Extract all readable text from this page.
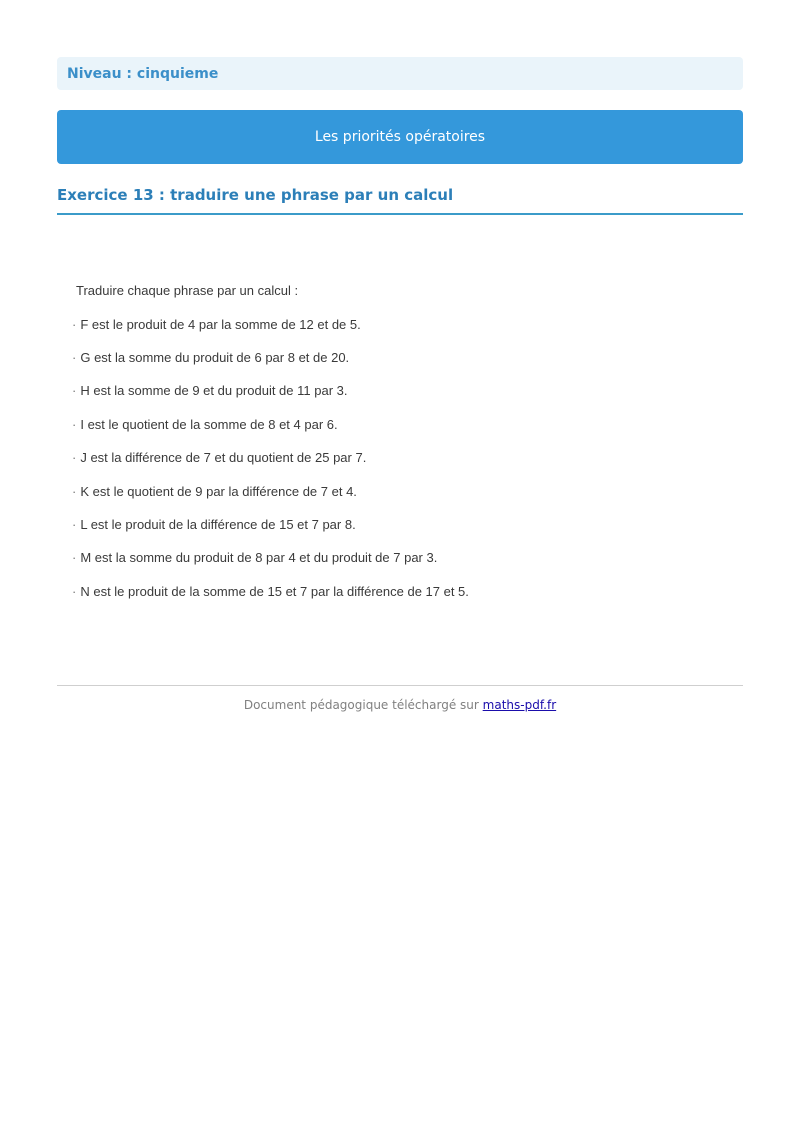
Niveau : cinquieme
Les priorités opératoires
Exercice 13 : traduire une phrase par un calcul
Traduire chaque phrase par un calcul :
· F est le produit de 4 par la somme de 12 et de 5.
· G est la somme du produit de 6 par 8 et de 20.
· H est la somme de 9 et du produit de 11 par 3.
· I est le quotient de la somme de 8 et 4 par 6.
· J est la différence de 7 et du quotient de 25 par 7.
· K est le quotient de 9 par la différence de 7 et 4.
· L est le produit de la différence de 15 et 7 par 8.
· M est la somme du produit de 8 par 4 et du produit de 7 par 3.
· N est le produit de la somme de 15 et 7 par la différence de 17 et 5.
Document pédagogique téléchargé sur maths-pdf.fr
